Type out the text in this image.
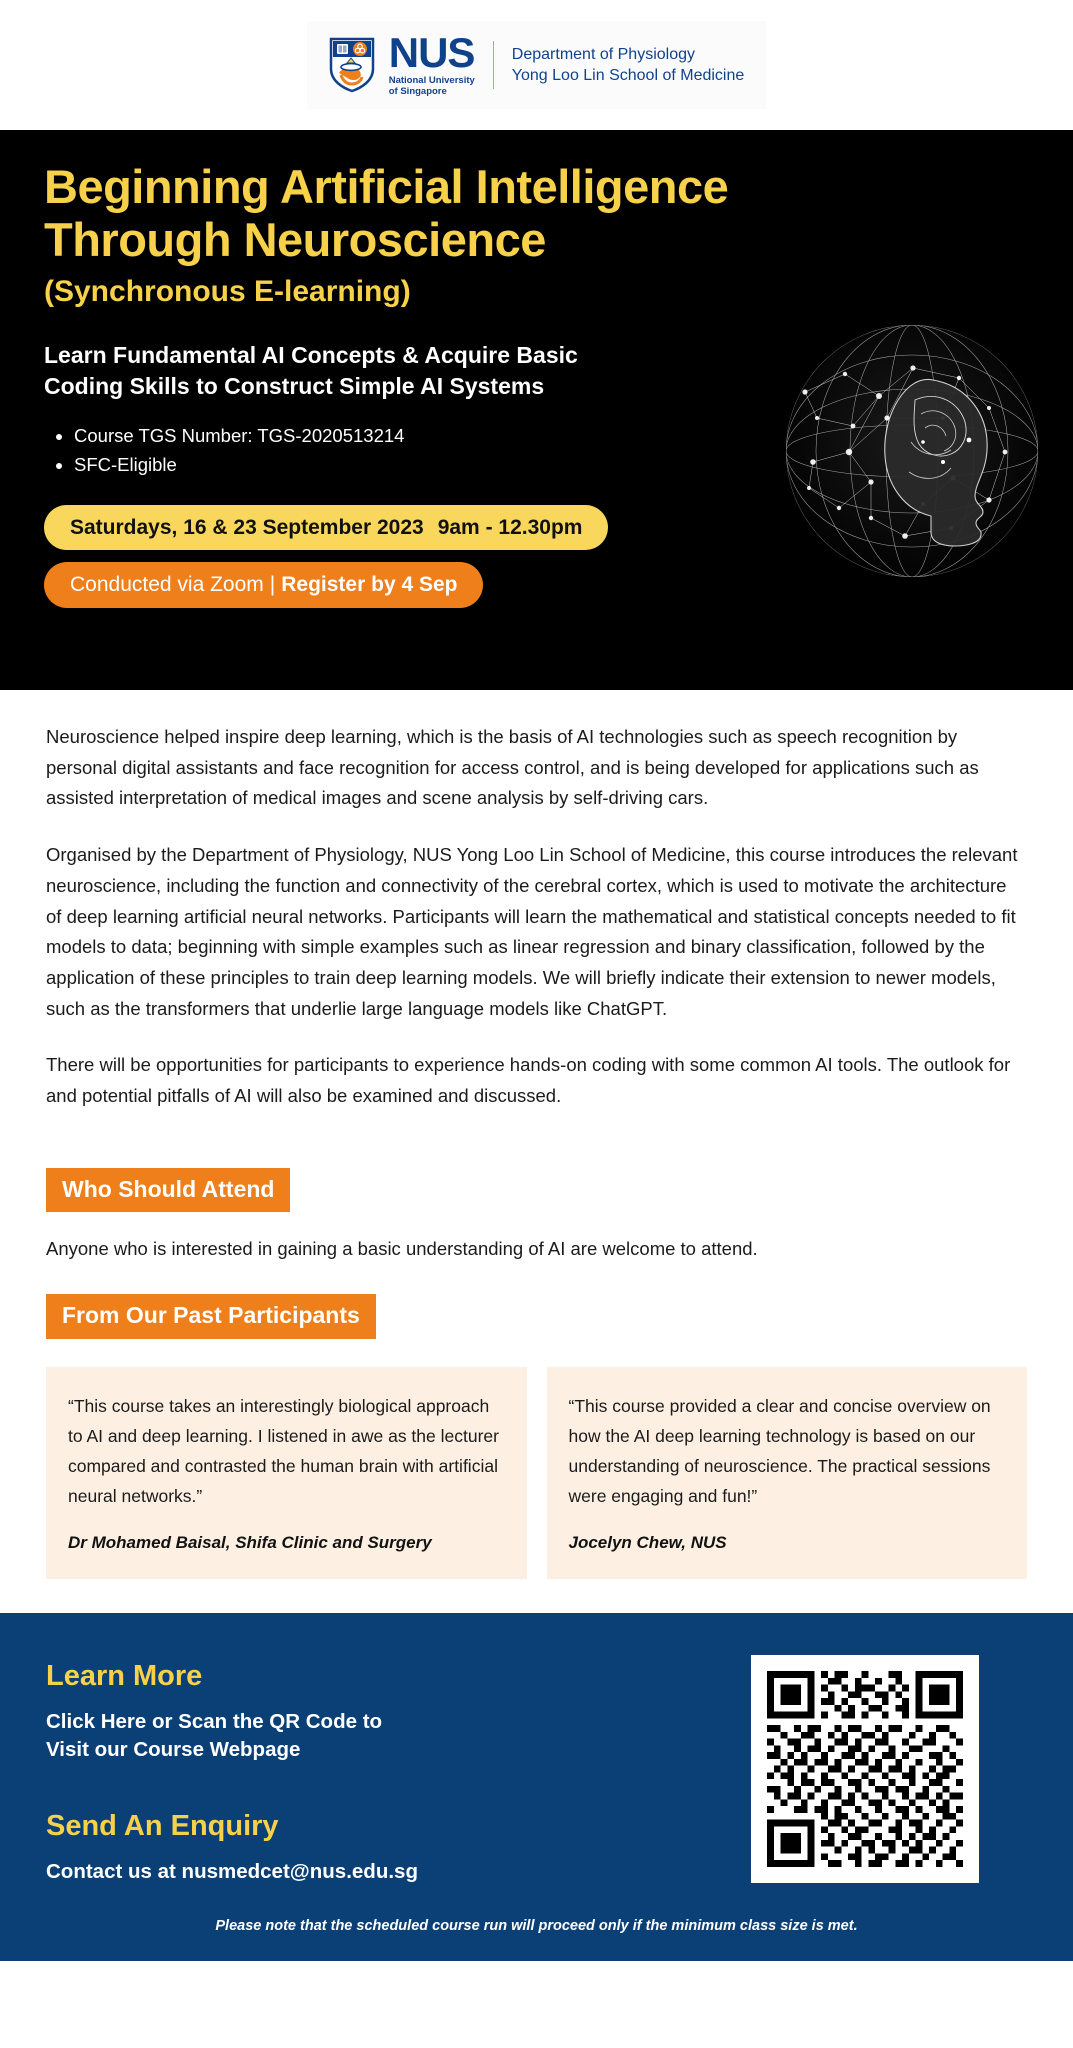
NUS
National University
of Singapore
Department of Physiology
Yong Loo Lin School of Medicine
Beginning Artificial Intelligence
Through Neuroscience
(Synchronous E-learning)
Learn Fundamental AI Concepts & Acquire Basic
Coding Skills to Construct Simple AI Systems
• Course TGS Number: TGS-2020513214
• SFC-Eligible
Saturdays, 16 & 23 September 2023 9am - 12.30pm
Conducted via Zoom | Register by 4 Sep

Neuroscience helped inspire deep learning, which is the basis of AI technologies such as speech recognition by personal digital assistants and face recognition for access control, and is being developed for applications such as assisted interpretation of medical images and scene analysis by self-driving cars.

Organised by the Department of Physiology, NUS Yong Loo Lin School of Medicine, this course introduces the relevant neuroscience, including the function and connectivity of the cerebral cortex, which is used to motivate the architecture of deep learning artificial neural networks. Participants will learn the mathematical and statistical concepts needed to fit models to data; beginning with simple examples such as linear regression and binary classification, followed by the application of these principles to train deep learning models. We will briefly indicate their extension to newer models, such as the transformers that underlie large language models like ChatGPT.

There will be opportunities for participants to experience hands-on coding with some common AI tools. The outlook for and potential pitfalls of AI will also be examined and discussed.

Who Should Attend

Anyone who is interested in gaining a basic understanding of AI are welcome to attend.

From Our Past Participants

“This course takes an interestingly biological approach to AI and deep learning. I listened in awe as the lecturer compared and contrasted the human brain with artificial neural networks.”

Dr Mohamed Baisal, Shifa Clinic and Surgery

“This course provided a clear and concise overview on how the AI deep learning technology is based on our understanding of neuroscience. The practical sessions were engaging and fun!”

Jocelyn Chew, NUS

Learn More
Click Here or Scan the QR Code to
Visit our Course Webpage
Send An Enquiry
Contact us at nusmedcet@nus.edu.sg

Please note that the scheduled course run will proceed only if the minimum class size is met.
